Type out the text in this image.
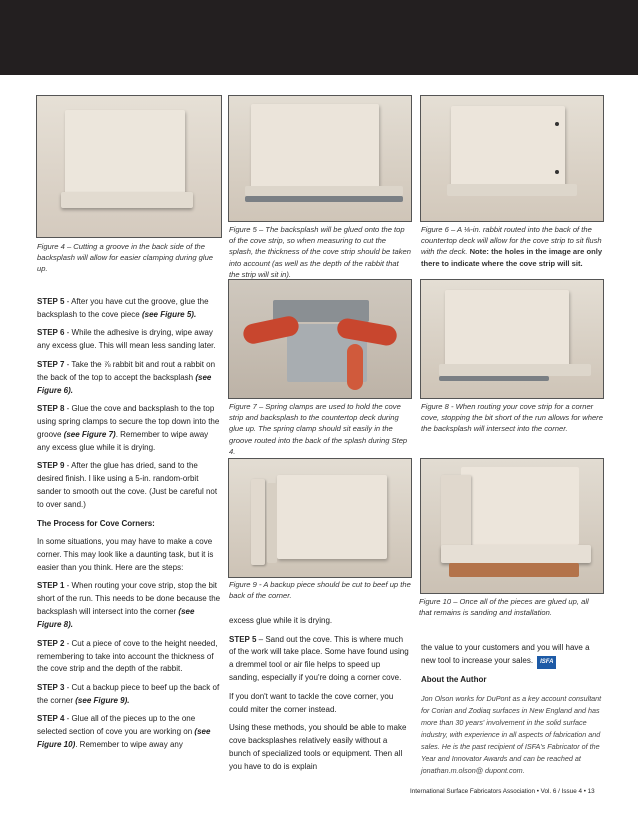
Figure 4 – Cutting a groove in the back side of the backsplash will allow for easier clamping during glue up.
Figure 5 – The backsplash will be glued onto the top of the cove strip, so when measuring to cut the splash, the thickness of the cove strip should be taken into account (as well as the depth of the rabbit that the strip will sit in).
Figure 6 – A ⅛-in. rabbit routed into the back of the countertop deck will allow for the cove strip to sit flush with the deck. Note: the holes in the image are only there to indicate where the cove strip will sit.

STEP 5 - After you have cut the groove, glue the backsplash to the cove piece (see Figure 5).

STEP 6 - While the adhesive is drying, wipe away any excess glue. This will mean less sanding later.

STEP 7 - Take the ⅞ rabbit bit and rout a rabbit on the back of the top to accept the backsplash (see Figure 6).

STEP 8 - Glue the cove and backsplash to the top using spring clamps to secure the top down into the groove (see Figure 7). Remember to wipe away any excess glue while it is drying.

STEP 9 - After the glue has dried, sand to the desired finish. I like using a 5-in. random-orbit sander to smooth out the cove. (Just be careful not to over sand.)

The Process for Cove Corners:

In some situations, you may have to make a cove corner. This may look like a daunting task, but it is easier than you think. Here are the steps:

STEP 1 - When routing your cove strip, stop the bit short of the run. This needs to be done because the backsplash will intersect into the corner (see Figure 8).

STEP 2 - Cut a piece of cove to the height needed, remembering to take into account the thickness of the cove strip and the depth of the rabbit.

STEP 3 - Cut a backup piece to beef up the back of the corner (see Figure 9).

STEP 4 - Glue all of the pieces up to the one selected section of cove you are working on (see Figure 10). Remember to wipe away any

Figure 7 – Spring clamps are used to hold the cove strip and backsplash to the countertop deck during glue up. The spring clamp should sit easily in the groove routed into the back of the splash during Step 4.
Figure 8 - When routing your cove strip for a corner cove, stopping the bit short of the run allows for where the backsplash will intersect into the corner.
Figure 9 - A backup piece should be cut to beef up the back of the corner.
Figure 10 – Once all of the pieces are glued up, all that remains is sanding and installation.

excess glue while it is drying.

STEP 5 – Sand out the cove. This is where much of the work will take place. Some have found using a dremmel tool or air file helps to speed up sanding, especially if you're doing a corner cove.

If you don't want to tackle the cove corner, you could miter the corner instead.

Using these methods, you should be able to make cove backsplashes relatively easily without a bunch of specialized tools or equipment. Then all you have to do is explain

the value to your customers and you will have a new tool to increase your sales. ISFA

About the Author

Jon Olson works for DuPont as a key account consultant for Corian and Zodiaq surfaces in New England and has more than 30 years' involvement in the solid surface industry, with experience in all aspects of fabrication and sales. He is the past recipient of ISFA's Fabricator of the Year and Innovator Awards and can be reached at jonathan.m.olson@ dupont.com.
International Surface Fabricators Association • Vol. 6 / Issue 4 • 13
